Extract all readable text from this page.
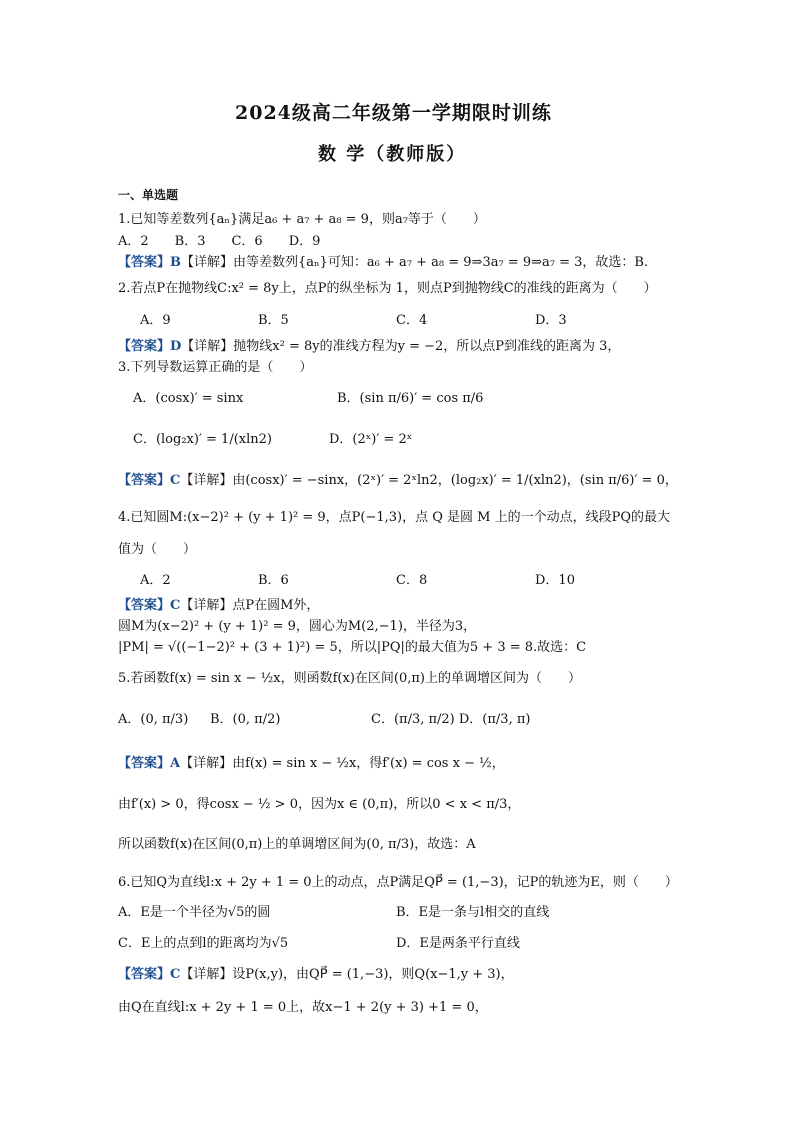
2024级高二年级第一学期限时训练
数 学（教师版）
一、单选题
1.已知等差数列{aₙ}满足a₆ + a₇ + a₈ = 9，则a₇等于（　　）
A．2　　B．3　　C．6　　D．9
【答案】B【详解】由等差数列{aₙ}可知：a₆ + a₇ + a₈ = 9⇒3a₇ = 9⇒a₇ = 3，故选：B.
2.若点P在抛物线C:x² = 8y上，点P的纵坐标为 1，则点P到抛物线C的准线的距离为（　　）
A．9	B．5	C．4	D．3
【答案】D【详解】抛物线x² = 8y的准线方程为y = −2，所以点P到准线的距离为 3，
3.下列导数运算正确的是（　　）
A．(cosx)′ = sinx	B．(sin π/6)′ = cos π/6
C．(log₂x)′ = 1/(xln2)	D．(2ˣ)′ = 2ˣ
【答案】C【详解】由(cosx)′ = −sinx，(2ˣ)′ = 2ˣln2，(log₂x)′ = 1/(xln2)，(sin π/6)′ = 0，
4.已知圆M:(x−2)² + (y + 1)² = 9，点P(−1,3)，点 Q 是圆 M 上的一个动点，线段PQ的最大
值为（　　）
A．2	B．6	C．8	D．10
【答案】C【详解】点P在圆M外，
圆M为(x−2)² + (y + 1)² = 9，圆心为M(2,−1)，半径为3，
|PM| = √((−1−2)² + (3 + 1)²) = 5，所以|PQ|的最大值为5 + 3 = 8.故选：C
5.若函数f(x) = sin x − ½x，则函数f(x)在区间(0,π)上的单调增区间为（　　）
A．(0, π/3) B．(0, π/2)	C．(π/3, π/2) D．(π/3, π)
【答案】A【详解】由f(x) = sin x − ½x，得f′(x) = cos x − ½，
由f′(x) > 0，得cosx − ½ > 0，因为x ∈ (0,π)，所以0 < x < π/3，
所以函数f(x)在区间(0,π)上的单调增区间为(0, π/3)，故选：A
6.已知Q为直线l:x + 2y + 1 = 0上的动点，点P满足QP⃗ = (1,−3)，记P的轨迹为E，则（　　）
A．E是一个半径为√5的圆	B．E是一条与l相交的直线
C．E上的点到l的距离均为√5	D．E是两条平行直线
【答案】C【详解】设P(x,y)，由QP⃗ = (1,−3)，则Q(x−1,y + 3)，
由Q在直线l:x + 2y + 1 = 0上，故x−1 + 2(y + 3) +1 = 0，
